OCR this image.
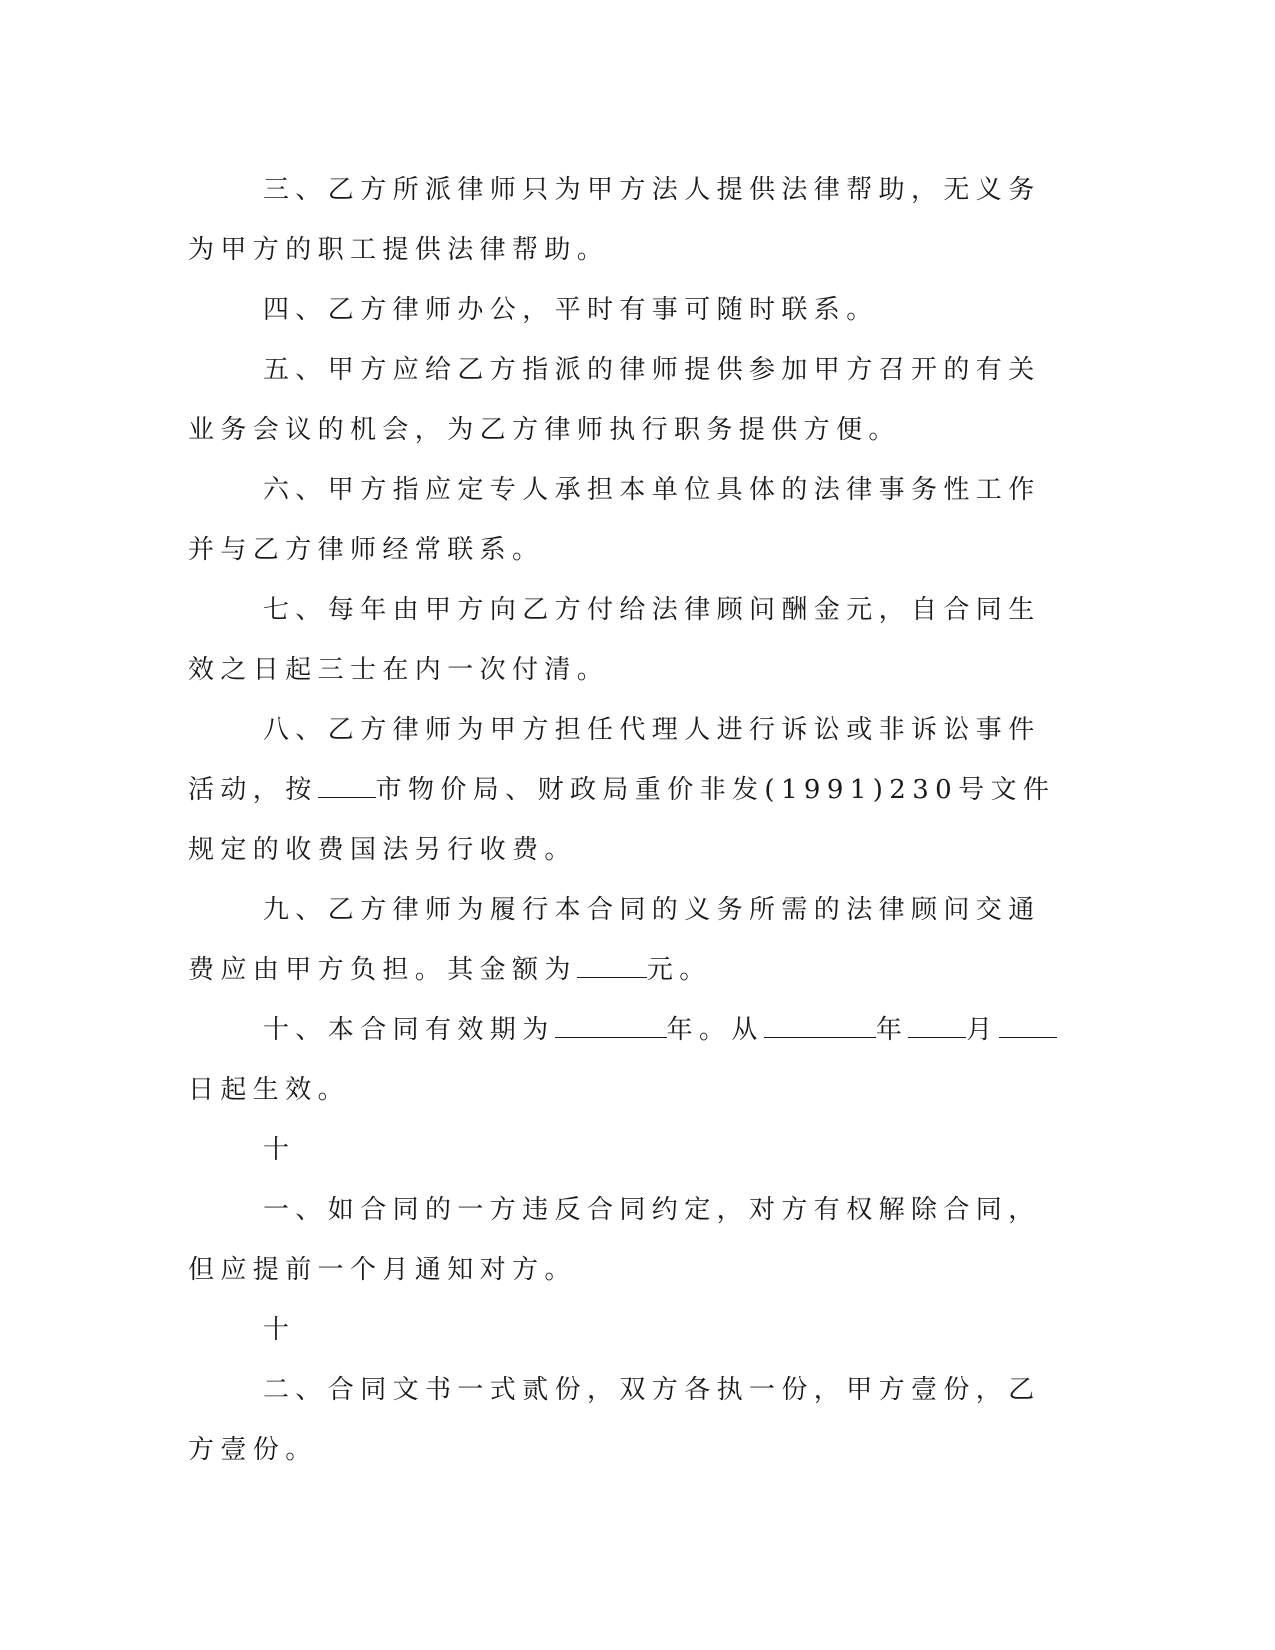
三、乙方所派律师只为甲方法人提供法律帮助，无义务为甲方的职工提供法律帮助。

四、乙方律师办公，平时有事可随时联系。

五、甲方应给乙方指派的律师提供参加甲方召开的有关业务会议的机会，为乙方律师执行职务提供方便。

六、甲方指应定专人承担本单位具体的法律事务性工作并与乙方律师经常联系。

七、每年由甲方向乙方付给法律顾问酬金元，自合同生效之日起三士在内一次付清。

八、乙方律师为甲方担任代理人进行诉讼或非诉讼事件活动，按 市物价局、财政局重价非发(1991)230号文件规定的收费国法另行收费。

九、乙方律师为履行本合同的义务所需的法律顾问交通费应由甲方负担。其金额为	元。

十、本合同有效期为	年。从	年 月日起生效。

十

一、如合同的一方违反合同约定，对方有权解除合同，但应提前一个月通知对方。

十

二、合同文书一式贰份，双方各执一份，甲方壹份，乙方壹份。
